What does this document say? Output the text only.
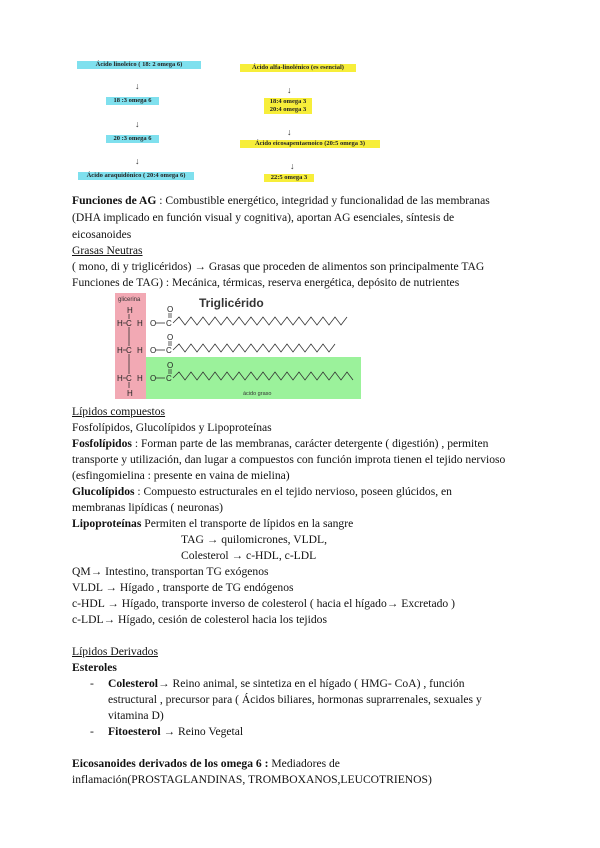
Ácido linoleico ( 18: 2 omega 6)
↓
18 :3 omega 6
↓
20 :3 omega 6
↓
Ácido araquidónico ( 20:4 omega 6)
Ácido alfa-linolénico (es esencial)
↓
18:4 omega 3
20:4 omega 3
↓
Ácido eicosapentaenoico (20:5 omega 3)
↓
22:5 omega 3
Funciones de AG : Combustible energético, integridad y funcionalidad de las membranas
(DHA implicado en función visual y cognitiva), aportan AG esenciales, síntesis de
eicosanoides
Grasas Neutras
( mono, di y triglicéridos) → Grasas que proceden de alimentos son principalmente TAG
Funciones de TAG) : Mecánica, térmicas, reserva energética, depósito de nutrientes
glicerina	Triglicérido
ácido graso
H
H C H O C
O
H C H O C
O
H C H O C
O
H
Lípidos compuestos
Fosfolípidos, Glucolípidos y Lipoproteínas
Fosfolípidos : Forman parte de las membranas, carácter detergente ( digestión) , permiten
transporte y utilización, dan lugar a compuestos con función improta tienen el tejido nervioso
(esfingomielina : presente en vaina de mielina)
Glucolípidos : Compuesto estructurales en el tejido nervioso, poseen glúcidos, en
membranas lipídicas ( neuronas)
Lipoproteínas Permiten el transporte de lípidos en la sangre
TAG → quilomicrones, VLDL,
Colesterol → c-HDL, c-LDL
QM→ Intestino, transportan TG exógenos
VLDL → Hígado , transporte de TG endógenos
c-HDL → Hígado, transporte inverso de colesterol ( hacia el hígado→ Excretado )
c-LDL→ Hígado, cesión de colesterol hacia los tejidos
Lípidos Derivados
Esteroles
- Colesterol→ Reino animal, se sintetiza en el hígado ( HMG- CoA) , función
estructural , precursor para ( Ácidos biliares, hormonas suprarrenales, sexuales y
vitamina D)
- Fitoesterol → Reino Vegetal
Eicosanoides derivados de los omega 6 : Mediadores de
inflamación(PROSTAGLANDINAS, TROMBOXANOS,LEUCOTRIENOS)
